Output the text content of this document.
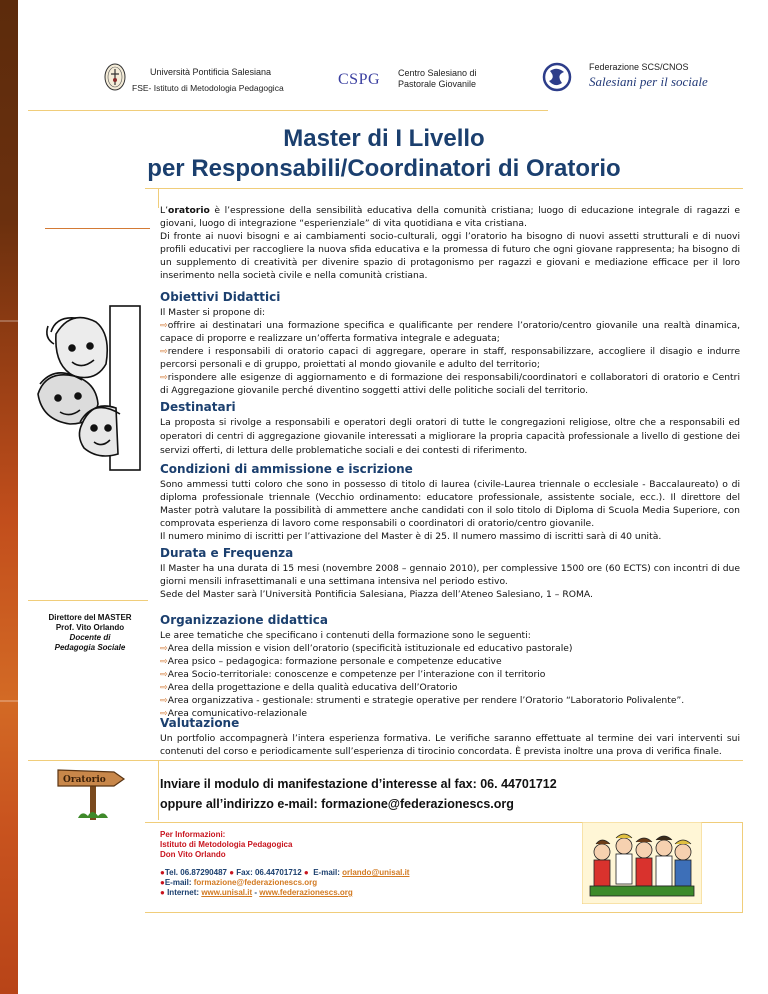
Università Pontificia Salesiana
FSE- Istituto di Metodologia Pedagogica	CSPG Centro Salesiano di
Pastorale Giovanile
Federazione SCS/CNOS
Salesiani per il sociale
Master di I Livello
per Responsabili/Coordinatori di Oratorio

L’oratorio è l’espressione della sensibilità educativa della comunità cristiana; luogo di educazione integrale di ragazzi e giovani, luogo di integrazione “esperienziale” di vita quotidiana e vita cristiana.

Di fronte ai nuovi bisogni e ai cambiamenti socio-culturali, oggi l’oratorio ha bisogno di nuovi assetti strutturali e di nuovi profili educativi per raccogliere la nuova sfida educativa e la promessa di futuro che ogni giovane rappresenta; ha bisogno di un supplemento di creatività per divenire spazio di protagonismo per ragazzi e giovani e mediazione efficace per il loro inserimento nella società civile e nella comunità cristiana.

Obiettivi Didattici

Il Master si propone di:

⇨offrire ai destinatari una formazione specifica e qualificante per rendere l’oratorio/centro giovanile una realtà dinamica, capace di proporre e realizzare un’offerta formativa integrale e adeguata;

⇨rendere i responsabili di oratorio capaci di aggregare, operare in staff, responsabilizzare, accogliere il disagio e indurre percorsi personali e di gruppo, proiettati al mondo giovanile e adulto del territorio;

⇨rispondere alle esigenze di aggiornamento e di formazione dei responsabili/coordinatori e collaboratori di oratorio e Centri di Aggregazione giovanile perché diventino soggetti attivi delle politiche sociali del territorio.

Destinatari
La proposta si rivolge a responsabili e operatori degli oratori di tutte le congregazioni religiose, oltre che a responsabili ed operatori di centri di aggregazione giovanile interessati a migliorare la propria capacità professionale a livello di gestione dei servizi offerti, di lettura delle problematiche sociali e dei contesti di riferimento.
Condizioni di ammissione e iscrizione

Sono ammessi tutti coloro che sono in possesso di titolo di laurea (civile-Laurea triennale o ecclesiale - Baccalaureato) o di diploma professionale triennale (Vecchio ordinamento: educatore professionale, assistente sociale, ecc.). Il direttore del Master potrà valutare la possibilità di ammettere anche candidati con il solo titolo di Diploma di Scuola Media Superiore, con comprovata esperienza di lavoro come responsabili o coordinatori di oratorio/centro giovanile.

Il numero minimo di iscritti per l’attivazione del Master è di 25. Il numero massimo di iscritti sarà di 40 unità.

Durata e Frequenza

Il Master ha una durata di 15 mesi (novembre 2008 – gennaio 2010), per complessive 1500 ore (60 ECTS) con incontri di due giorni mensili infrasettimanali e una settimana intensiva nel periodo estivo.

Sede del Master sarà l’Università Pontificia Salesiana, Piazza dell’Ateneo Salesiano, 1 – ROMA.

Direttore del MASTER
Prof. Vito Orlando
Docente di
Pedagogia Sociale
Organizzazione didattica

Le aree tematiche che specificano i contenuti della formazione sono le seguenti:

⇨Area della mission e vision dell’oratorio (specificità istituzionale ed educativo pastorale)

⇨Area psico – pedagogica: formazione personale e competenze educative

⇨Area Socio-territoriale: conoscenze e competenze per l’interazione con il territorio

⇨Area della progettazione e della qualità educativa dell’Oratorio

⇨Area organizzativa - gestionale: strumenti e strategie operative per rendere l’Oratorio “Laboratorio Polivalente”.

⇨Area comunicativo-relazionale

Valutazione
Un portfolio accompagnerà l’intera esperienza formativa. Le verifiche saranno effettuate al termine dei vari interventi sui contenuti del corso e periodicamente sull’esperienza di tirocinio concordata. È prevista inoltre una prova di verifica finale.
Oratorio	Inviare il modulo di manifestazione d’interesse al fax: 06. 44701712
oppure all’indirizzo e-mail: formazione@federazionescs.org
Per Informazioni:
Istituto di Metodologia Pedagogica
Don Vito Orlando
●Tel. 06.87290487 ● Fax: 06.44701712 ● E-mail: orlando@unisal.it
●E-mail: formazione@federazionescs.org
● Internet: www.unisal.it - www.federazionescs.org
